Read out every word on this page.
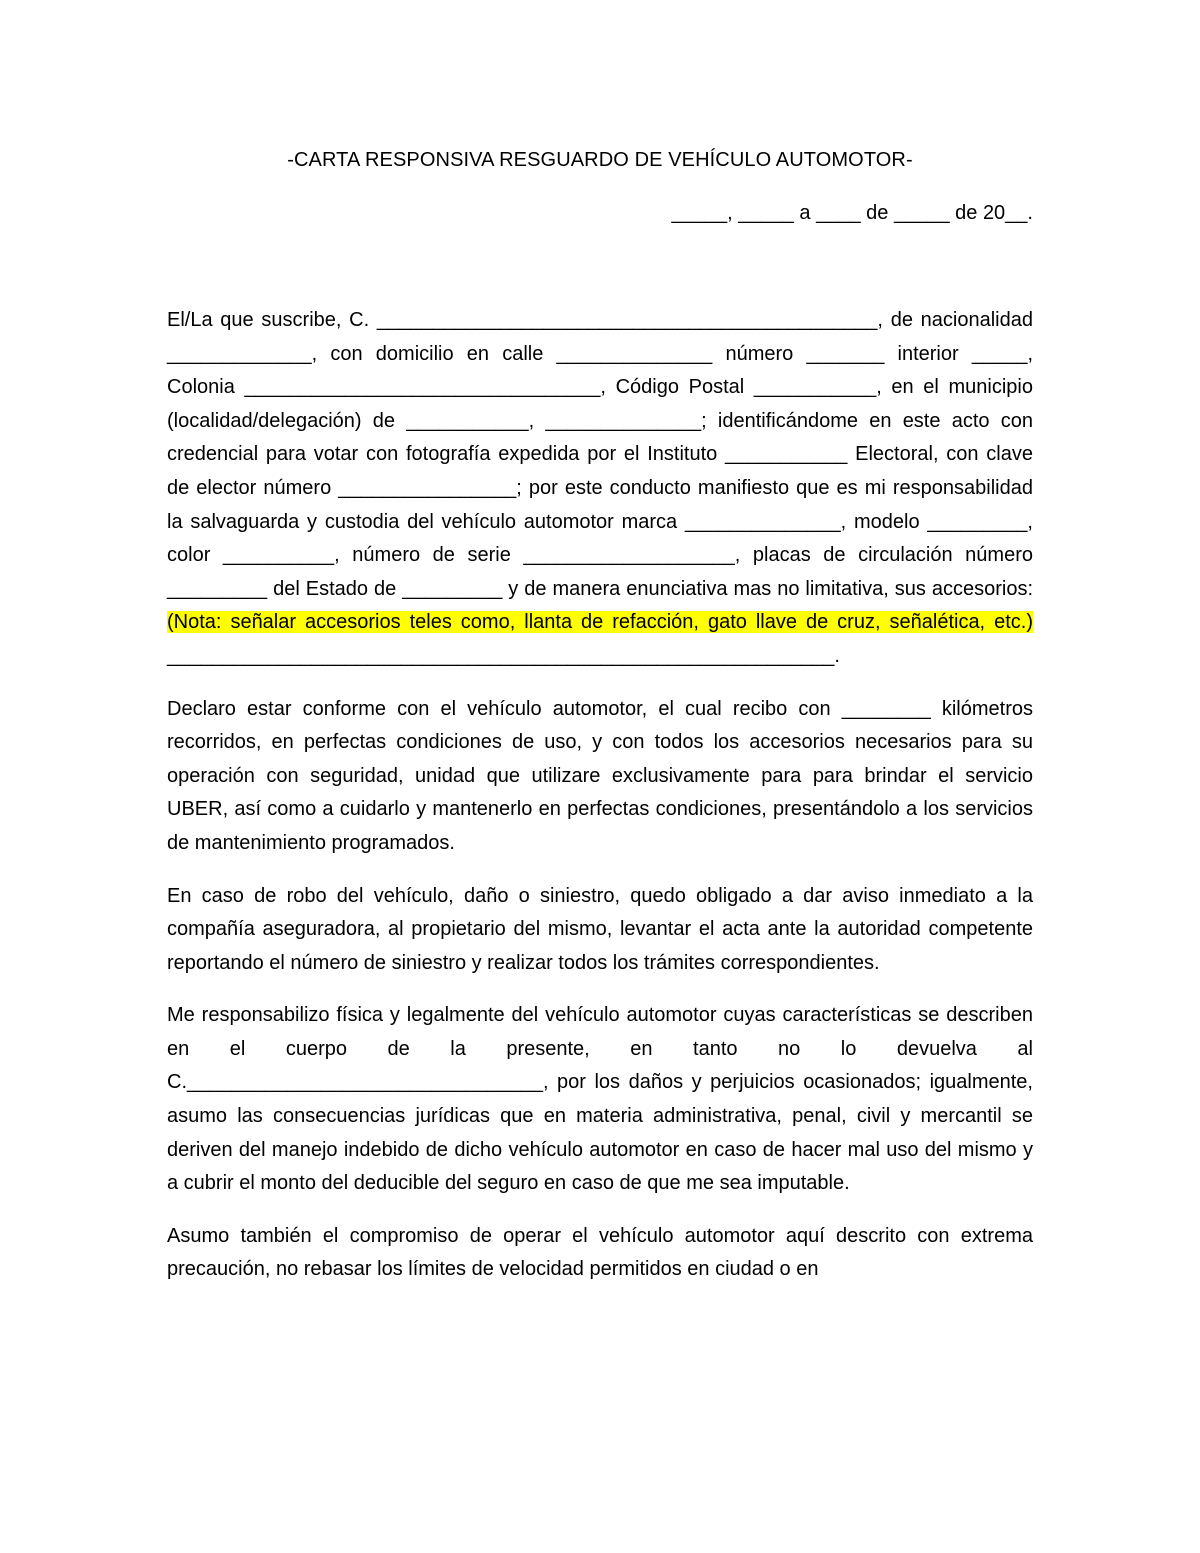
-CARTA RESPONSIVA RESGUARDO DE VEHÍCULO AUTOMOTOR-
_____, _____ a ____ de _____ de 20__.

El/La que suscribe, C. _____________________________________________, de nacionalidad _____________, con domicilio en calle ______________ número _______ interior _____, Colonia ________________________________, Código Postal ___________, en el municipio (localidad/delegación) de ___________, ______________; identificándome en este acto con credencial para votar con fotografía expedida por el Instituto ___________ Electoral, con clave de elector número ________________; por este conducto manifiesto que es mi responsabilidad la salvaguarda y custodia del vehículo automotor marca ______________, modelo _________, color __________, número de serie ___________________, placas de circulación número _________ del Estado de _________ y de manera enunciativa mas no limitativa, sus accesorios: (Nota: señalar accesorios teles como, llanta de refacción, gato llave de cruz, señalética, etc.) ____________________________________________________________.

Declaro estar conforme con el vehículo automotor, el cual recibo con ________ kilómetros recorridos, en perfectas condiciones de uso, y con todos los accesorios necesarios para su operación con seguridad, unidad que utilizare exclusivamente para para brindar el servicio UBER, así como a cuidarlo y mantenerlo en perfectas condiciones, presentándolo a los servicios de mantenimiento programados.

En caso de robo del vehículo, daño o siniestro, quedo obligado a dar aviso inmediato a la compañía aseguradora, al propietario del mismo, levantar el acta ante la autoridad competente reportando el número de siniestro y realizar todos los trámites correspondientes.

Me responsabilizo física y legalmente del vehículo automotor cuyas características se describen en el cuerpo de la presente, en tanto no lo devuelva al C.________________________________, por los daños y perjuicios ocasionados; igualmente, asumo las consecuencias jurídicas que en materia administrativa, penal, civil y mercantil se deriven del manejo indebido de dicho vehículo automotor en caso de hacer mal uso del mismo y a cubrir el monto del deducible del seguro en caso de que me sea imputable.

Asumo también el compromiso de operar el vehículo automotor aquí descrito con extrema precaución, no rebasar los límites de velocidad permitidos en ciudad o en
